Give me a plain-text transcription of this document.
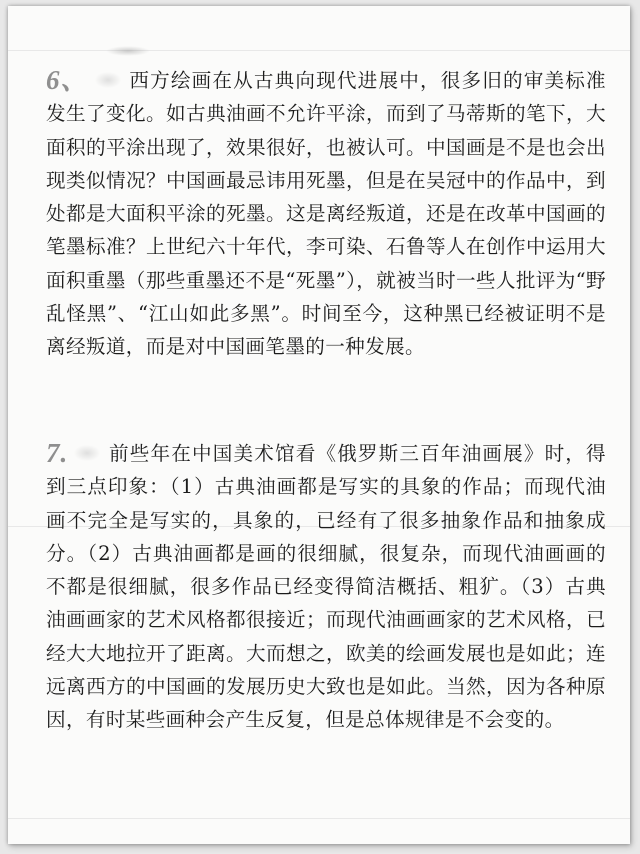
6、 西方绘画在从古典向现代进展中，很多旧的审美标准发生了变化。如古典油画不允许平涂，而到了马蒂斯的笔下，大面积的平涂出现了，效果很好，也被认可。中国画是不是也会出现类似情况？中国画最忌讳用死墨，但是在吴冠中的作品中，到处都是大面积平涂的死墨。这是离经叛道，还是在改革中国画的笔墨标准？上世纪六十年代，李可染、石鲁等人在创作中运用大面积重墨（那些重墨还不是“死墨”），就被当时一些人批评为“野乱怪黑”、“江山如此多黑”。时间至今，这种黑已经被证明不是离经叛道，而是对中国画笔墨的一种发展。

7. 前些年在中国美术馆看《俄罗斯三百年油画展》时，得到三点印象：（1）古典油画都是写实的具象的作品；而现代油画不完全是写实的，具象的，已经有了很多抽象作品和抽象成分。（2）古典油画都是画的很细腻，很复杂，而现代油画画的不都是很细腻，很多作品已经变得简洁概括、粗犷。（3）古典油画画家的艺术风格都很接近；而现代油画画家的艺术风格，已经大大地拉开了距离。大而想之，欧美的绘画发展也是如此；连远离西方的中国画的发展历史大致也是如此。当然，因为各种原因，有时某些画种会产生反复，但是总体规律是不会变的。
